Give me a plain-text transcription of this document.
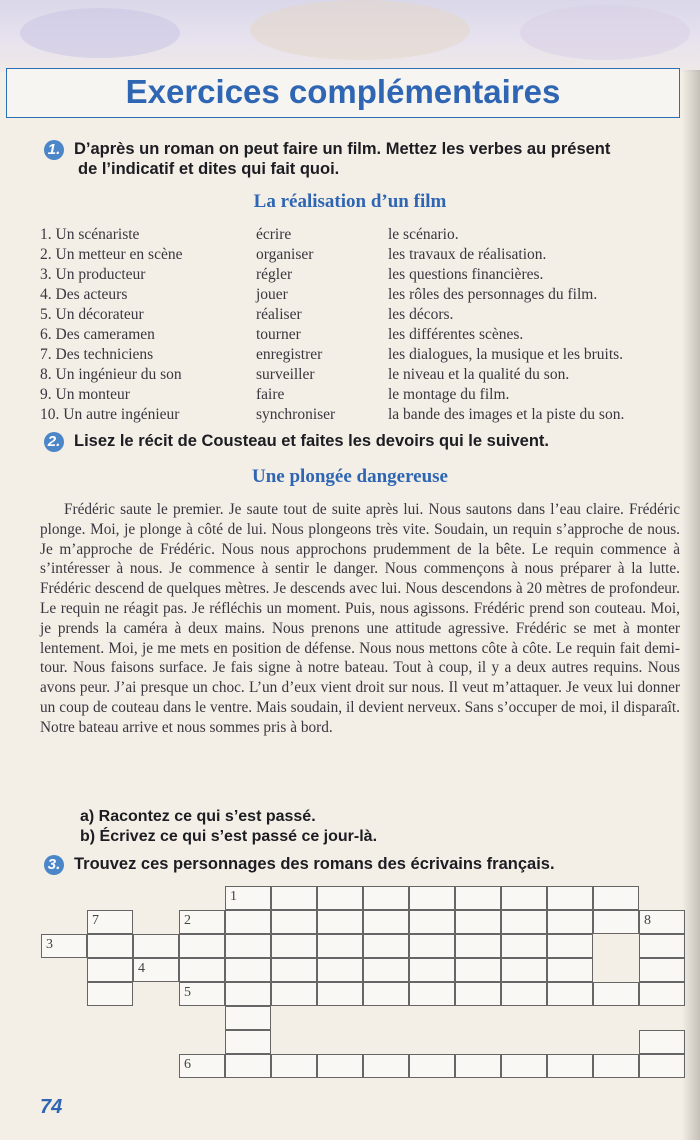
Exercices complémentaires
1. D’après un roman on peut faire un film. Mettez les verbes au présent
de l’indicatif et dites qui fait quoi.
La réalisation d’un film
1. Un scénariste	écrire	le scénario.
2. Un metteur en scène	organiser	les travaux de réalisation.
3. Un producteur	régler	les questions financières.
4. Des acteurs	jouer	les rôles des personnages du film.
5. Un décorateur	réaliser	les décors.
6. Des cameramen	tourner	les différentes scènes.
7. Des techniciens	enregistrer	les dialogues, la musique et les bruits.
8. Un ingénieur du son	surveiller	le niveau et la qualité du son.
9. Un monteur	faire	le montage du film.
10. Un autre ingénieur	synchroniser	la bande des images et la piste du son.
2. Lisez le récit de Cousteau et faites les devoirs qui le suivent.
Une plongée dangereuse
Frédéric saute le premier. Je saute tout de suite après lui. Nous sautons dans l’eau claire. Frédéric plonge. Moi, je plonge à côté de lui. Nous plongeons très vite. Soudain, un requin s’approche de nous. Je m’approche de Frédéric. Nous nous approchons prudemment de la bête. Le requin commence à s’intéresser à nous. Je commence à sentir le danger. Nous commençons à nous préparer à la lutte. Frédéric descend de quelques mètres. Je descends avec lui. Nous descendons à 20 mètres de profondeur. Le requin ne réagit pas. Je réfléchis un moment. Puis, nous agissons. Frédéric prend son couteau. Moi, je prends la caméra à deux mains. Nous prenons une attitude agressive. Frédéric se met à monter lentement. Moi, je me mets en position de défense. Nous nous mettons côte à côte. Le requin fait demi-tour. Nous faisons surface. Je fais signe à notre bateau. Tout à coup, il y a deux autres requins. Nous avons peur. J’ai presque un choc. L’un d’eux vient droit sur nous. Il veut m’attaquer. Je veux lui donner un coup de couteau dans le ventre. Mais soudain, il devient nerveux. Sans s’occuper de moi, il disparaît. Notre bateau arrive et nous sommes pris à bord.
a) Racontez ce qui s’est passé.
b) Écrivez ce qui s’est passé ce jour-là.
3. Trouvez ces personnages des romans des écrivains français.
1
7	2	8
3
4
5
6
74
